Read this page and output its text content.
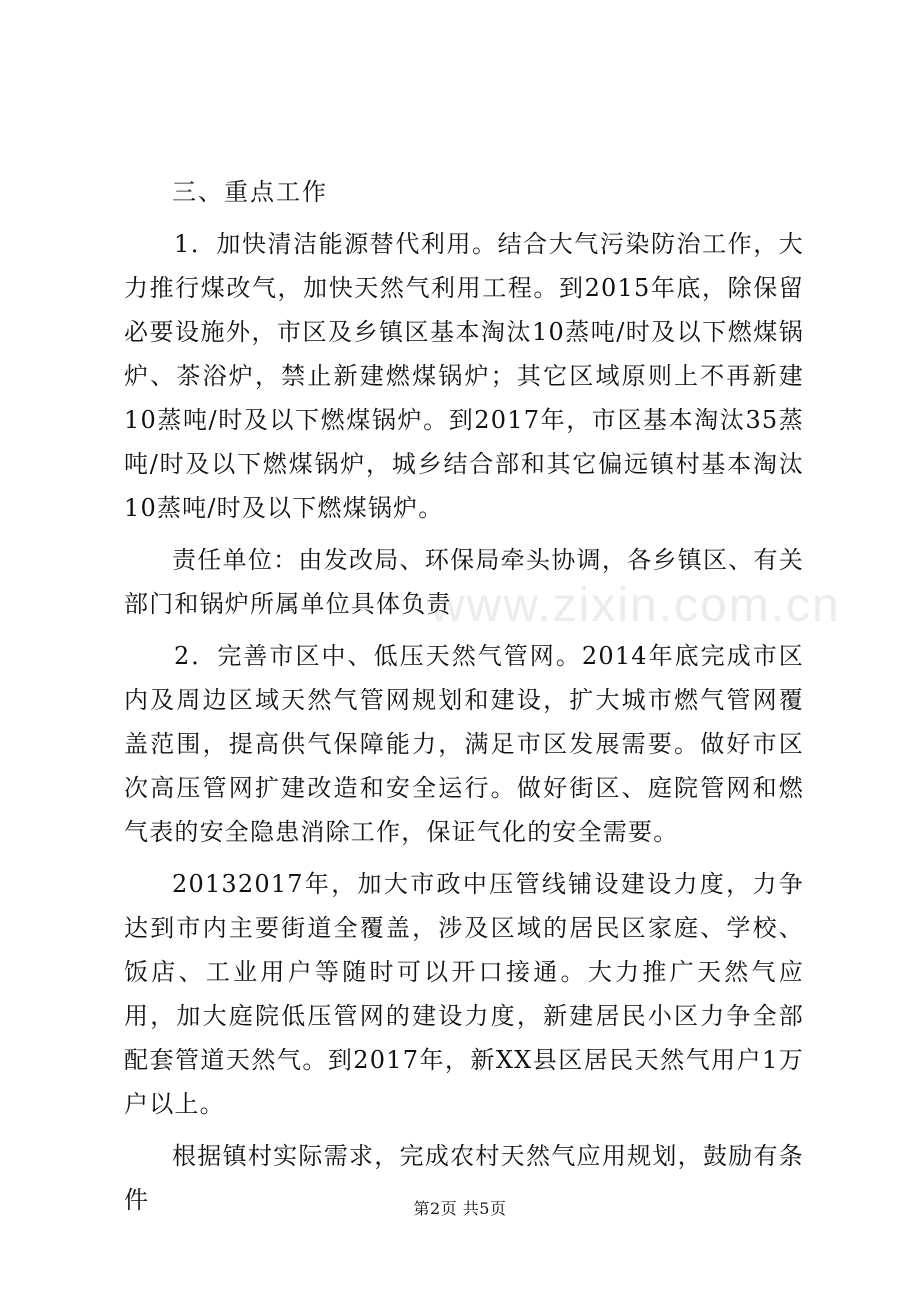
www.zixin.com.cn

三、重点工作

1．加快清洁能源替代利用。结合大气污染防治工作，大力推行煤改气，加快天然气利用工程。到2015年底，除保留必要设施外，市区及乡镇区基本淘汰10蒸吨/时及以下燃煤锅炉、茶浴炉，禁止新建燃煤锅炉；其它区域原则上不再新建10蒸吨/时及以下燃煤锅炉。到2017年，市区基本淘汰35蒸吨/时及以下燃煤锅炉，城乡结合部和其它偏远镇村基本淘汰10蒸吨/时及以下燃煤锅炉。

责任单位：由发改局、环保局牵头协调，各乡镇区、有关部门和锅炉所属单位具体负责

2．完善市区中、低压天然气管网。2014年底完成市区内及周边区域天然气管网规划和建设，扩大城市燃气管网覆盖范围，提高供气保障能力，满足市区发展需要。做好市区次高压管网扩建改造和安全运行。做好街区、庭院管网和燃气表的安全隐患消除工作，保证气化的安全需要。

20132017年，加大市政中压管线铺设建设力度，力争达到市内主要街道全覆盖，涉及区域的居民区家庭、学校、饭店、工业用户等随时可以开口接通。大力推广天然气应用，加大庭院低压管网的建设力度，新建居民小区力争全部配套管道天然气。到2017年，新XX县区居民天然气用户1万户以上。

根据镇村实际需求，完成农村天然气应用规划，鼓励有条件	第2页 共5页
